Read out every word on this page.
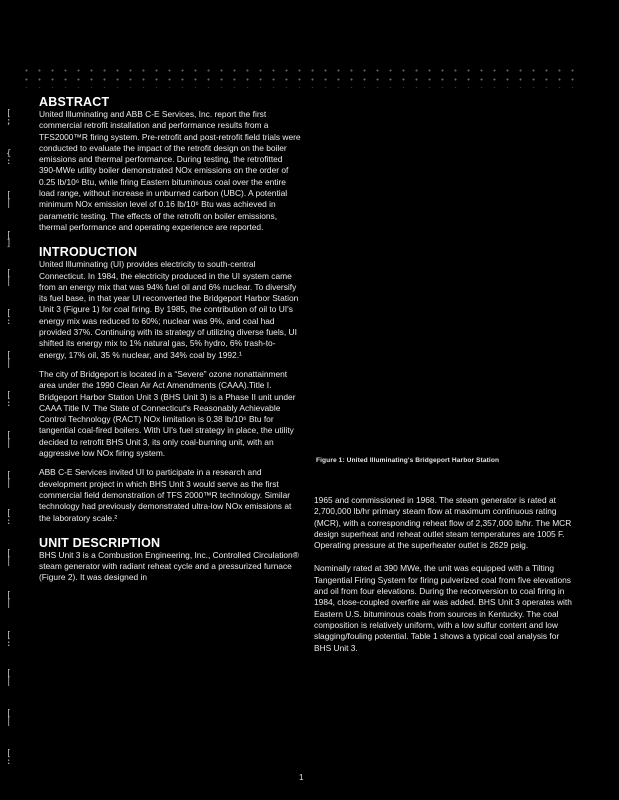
[
;
{
:
[
|
[
]
[
|
[
:
[
|
[
:
[
|
[
|
[
:
[
|
[
|
[
:
[
|
[
|
[
:
ABSTRACT

United Illuminating and ABB C-E Services, Inc. report the first commercial retrofit installation and performance results from a TFS2000™R firing system. Pre-retrofit and post-retrofit field trials were conducted to evaluate the impact of the retrofit design on the boiler emissions and thermal performance. During testing, the retrofitted 390-MWe utility boiler demonstrated NOx emissions on the order of 0.25 lb/10⁶ Btu, while firing Eastern bituminous coal over the entire load range, without increase in unburned carbon (UBC). A potential minimum NOx emission level of 0.16 lb/10⁶ Btu was achieved in parametric testing. The effects of the retrofit on boiler emissions, thermal performance and operating experience are reported.

INTRODUCTION

United Illuminating (UI) provides electricity to south-central Connecticut. In 1984, the electricity produced in the UI system came from an energy mix that was 94% fuel oil and 6% nuclear. To diversify its fuel base, in that year UI reconverted the Bridgeport Harbor Station Unit 3 (Figure 1) for coal firing. By 1985, the contribution of oil to UI's energy mix was reduced to 60%; nuclear was 9%, and coal had provided 37%. Continuing with its strategy of utilizing diverse fuels, UI shifted its energy mix to 1% natural gas, 5% hydro, 6% trash-to-energy, 17% oil, 35 % nuclear, and 34% coal by 1992.¹

The city of Bridgeport is located in a “Severe” ozone nonattainment area under the 1990 Clean Air Act Amendments (CAAA).Title I. Bridgeport Harbor Station Unit 3 (BHS Unit 3) is a Phase II unit under CAAA Title IV. The State of Connecticut's Reasonably Achievable Control Technology (RACT) NOx limitation is 0.38 lb/10⁶ Btu for tangential coal-fired boilers. With UI's fuel strategy in place, the utility decided to retrofit BHS Unit 3, its only coal-burning unit, with an aggressive low NOx firing system.

ABB C-E Services invited UI to participate in a research and development project in which BHS Unit 3 would serve as the first commercial field demonstration of TFS 2000™R technology. Similar technology had previously demonstrated ultra-low NOx emissions at the laboratory scale.²

UNIT DESCRIPTION

BHS Unit 3 is a Combustion Engineering, Inc., Controlled Circulation® steam generator with radiant reheat cycle and a pressurized furnace (Figure 2). It was designed in

Figure 1: United Illuminating's Bridgeport Harbor Station

1965 and commissioned in 1968. The steam generator is rated at 2,700,000 lb/hr primary steam flow at maximum continuous rating (MCR), with a corresponding reheat flow of 2,357,000 lb/hr. The MCR design superheat and reheat outlet steam temperatures are 1005 F. Operating pressure at the superheater outlet is 2629 psig.

Nominally rated at 390 MWe, the unit was equipped with a Tilting Tangential Firing System for firing pulverized coal from five elevations and oil from four elevations. During the reconversion to coal firing in 1984, close-coupled overfire air was added. BHS Unit 3 operates with Eastern U.S. bituminous coals from sources in Kentucky. The coal composition is relatively uniform, with a low sulfur content and low slagging/fouling potential. Table 1 shows a typical coal analysis for BHS Unit 3.

1
